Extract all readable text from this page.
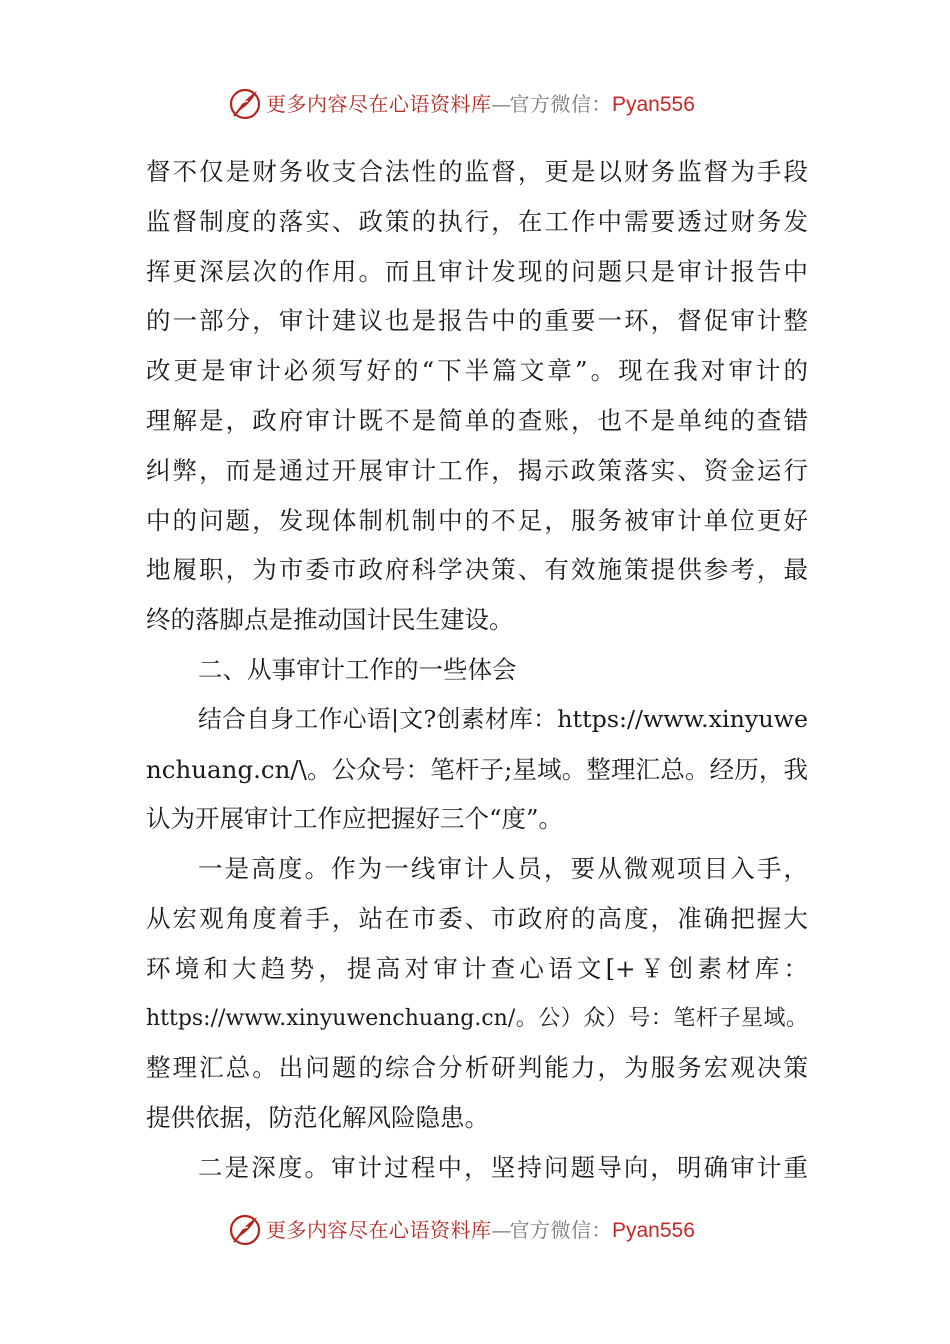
更多内容尽在心语资料库—官方微信：Pyan556
督不仅是财务收支合法性的监督，更是以财务监督为手段
监督制度的落实、政策的执行，在工作中需要透过财务发
挥更深层次的作用。而且审计发现的问题只是审计报告中
的一部分，审计建议也是报告中的重要一环，督促审计整
改更是审计必须写好的“下半篇文章”。现在我对审计的
理解是，政府审计既不是简单的查账，也不是单纯的查错
纠弊，而是通过开展审计工作，揭示政策落实、资金运行
中的问题，发现体制机制中的不足，服务被审计单位更好
地履职，为市委市政府科学决策、有效施策提供参考，最
终的落脚点是推动国计民生建设。
二、从事审计工作的一些体会
结合自身工作心语|文?创素材库：https://www.xinyuwe
nchuang.cn/\。公众号：笔杆子;星域。整理汇总。经历，我
认为开展审计工作应把握好三个“度”。
一是高度。作为一线审计人员，要从微观项目入手，
从宏观角度着手，站在市委、市政府的高度，准确把握大
环境和大趋势，提高对审计查心语文[+￥创素材库：
https://www.xinyuwenchuang.cn/。公）众）号：笔杆子星域。
整理汇总。出问题的综合分析研判能力，为服务宏观决策
提供依据，防范化解风险隐患。
二是深度。审计过程中，坚持问题导向，明确审计重
更多内容尽在心语资料库—官方微信：Pyan556
